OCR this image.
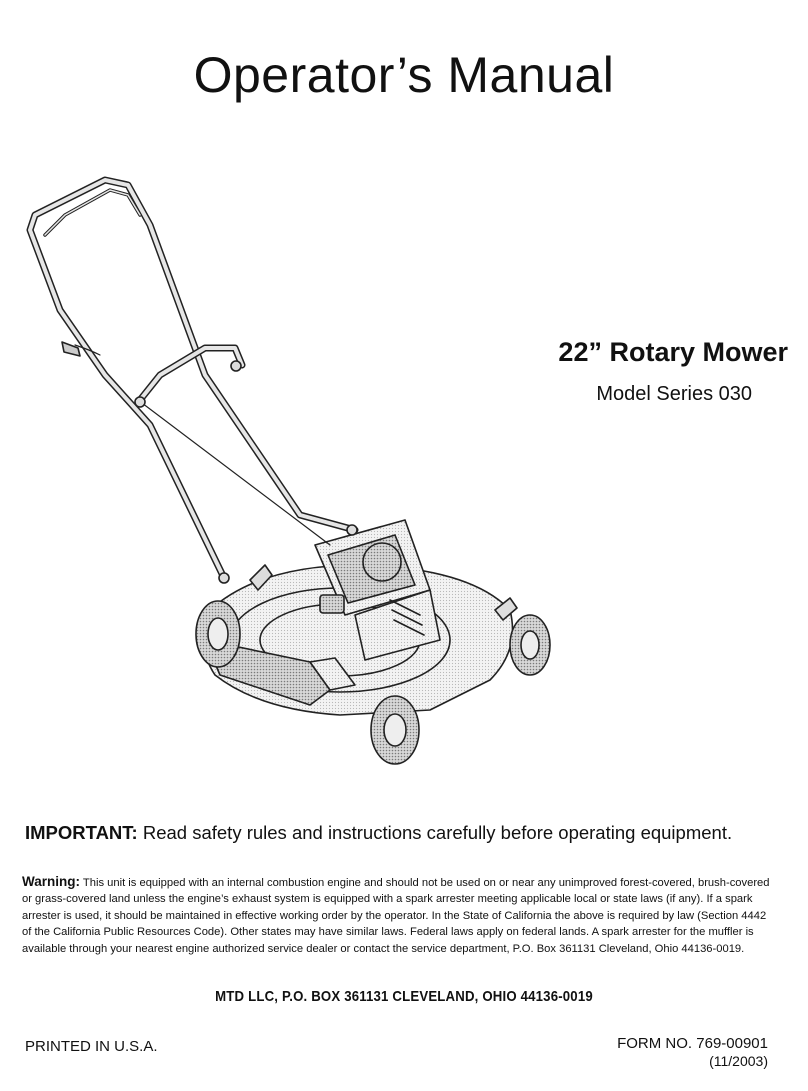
Operator’s Manual
22” Rotary Mower
Model Series 030
IMPORTANT: Read safety rules and instructions carefully before operating equipment.
Warning: This unit is equipped with an internal combustion engine and should not be used on or near any unimproved forest-covered, brush-covered or grass-covered land unless the engine’s exhaust system is equipped with a spark arrester meeting applicable local or state laws (if any). If a spark arrester is used, it should be maintained in effective working order by the operator. In the State of California the above is required by law (Section 4442 of the California Public Resources Code). Other states may have similar laws. Federal laws apply on federal lands. A spark arrester for the muffler is available through your nearest engine authorized service dealer or contact the service department, P.O. Box 361131 Cleveland, Ohio 44136-0019.
MTD LLC, P.O. BOX 361131 CLEVELAND, OHIO 44136-0019
PRINTED IN U.S.A.	FORM NO. 769-00901
(11/2003)
